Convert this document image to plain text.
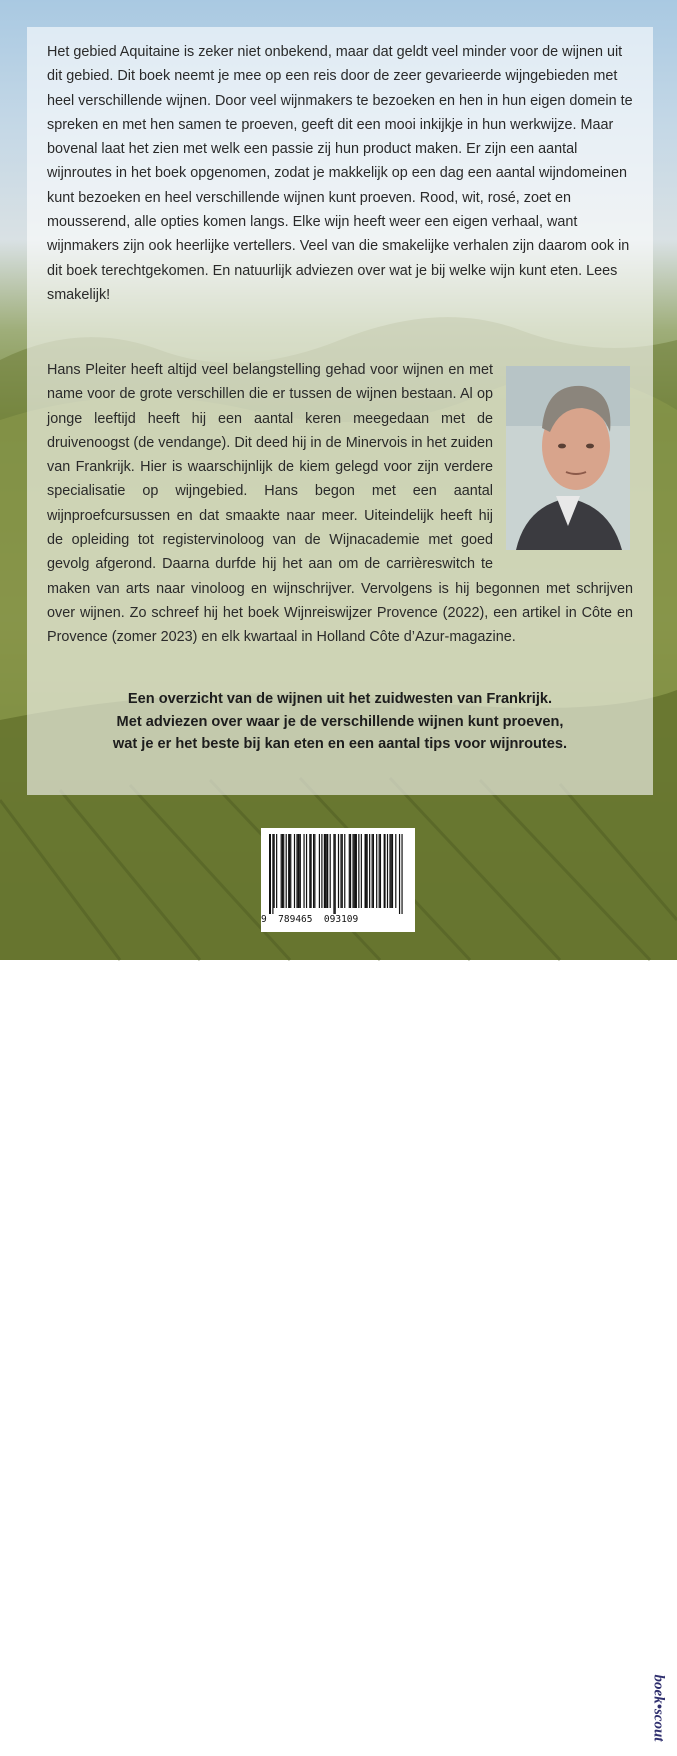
Het gebied Aquitaine is zeker niet onbekend, maar dat geldt veel minder voor de wijnen uit dit gebied. Dit boek neemt je mee op een reis door de zeer gevarieerde wijngebieden met heel verschillende wijnen. Door veel wijnmakers te bezoeken en hen in hun eigen domein te spreken en met hen samen te proeven, geeft dit een mooi inkijkje in hun werkwijze. Maar bovenal laat het zien met welk een passie zij hun product maken. Er zijn een aantal wijnroutes in het boek opgenomen, zodat je makkelijk op een dag een aantal wijndomeinen kunt bezoeken en heel verschillende wijnen kunt proeven. Rood, wit, rosé, zoet en mousserend, alle opties komen langs. Elke wijn heeft weer een eigen verhaal, want wijnmakers zijn ook heerlijke vertellers. Veel van die smakelijke verhalen zijn daarom ook in dit boek terechtgekomen. En natuurlijk adviezen over wat je bij welke wijn kunt eten. Lees smakelijk!

Hans Pleiter heeft altijd veel belangstelling gehad voor wijnen en met name voor de grote verschillen die er tussen de wijnen bestaan. Al op jonge leeftijd heeft hij een aantal keren meegedaan met de druivenoogst (de vendange). Dit deed hij in de Minervois in het zuiden van Frankrijk. Hier is waarschijnlijk de kiem gelegd voor zijn verdere specialisatie op wijngebied. Hans begon met een aantal wijnproefcursussen en dat smaakte naar meer. Uiteindelijk heeft hij de opleiding tot registervinoloog van de Wijnacademie met goed gevolg afgerond. Daarna durfde hij het aan om de carrièreswitch te maken van arts naar vinoloog en wijnschrijver. Vervolgens is hij begonnen met schrijven over wijnen. Zo schreef hij het boek Wijnreiswijzer Provence (2022), een artikel in Côte en Provence (zomer 2023) en elk kwartaal in Holland Côte d’Azur-magazine.

Een overzicht van de wijnen uit het zuidwesten van Frankrijk.
Met adviezen over waar je de verschillende wijnen kunt proeven,
wat je er het beste bij kan eten en een aantal tips voor wijnroutes.

9  789465  093109
boek•scout
